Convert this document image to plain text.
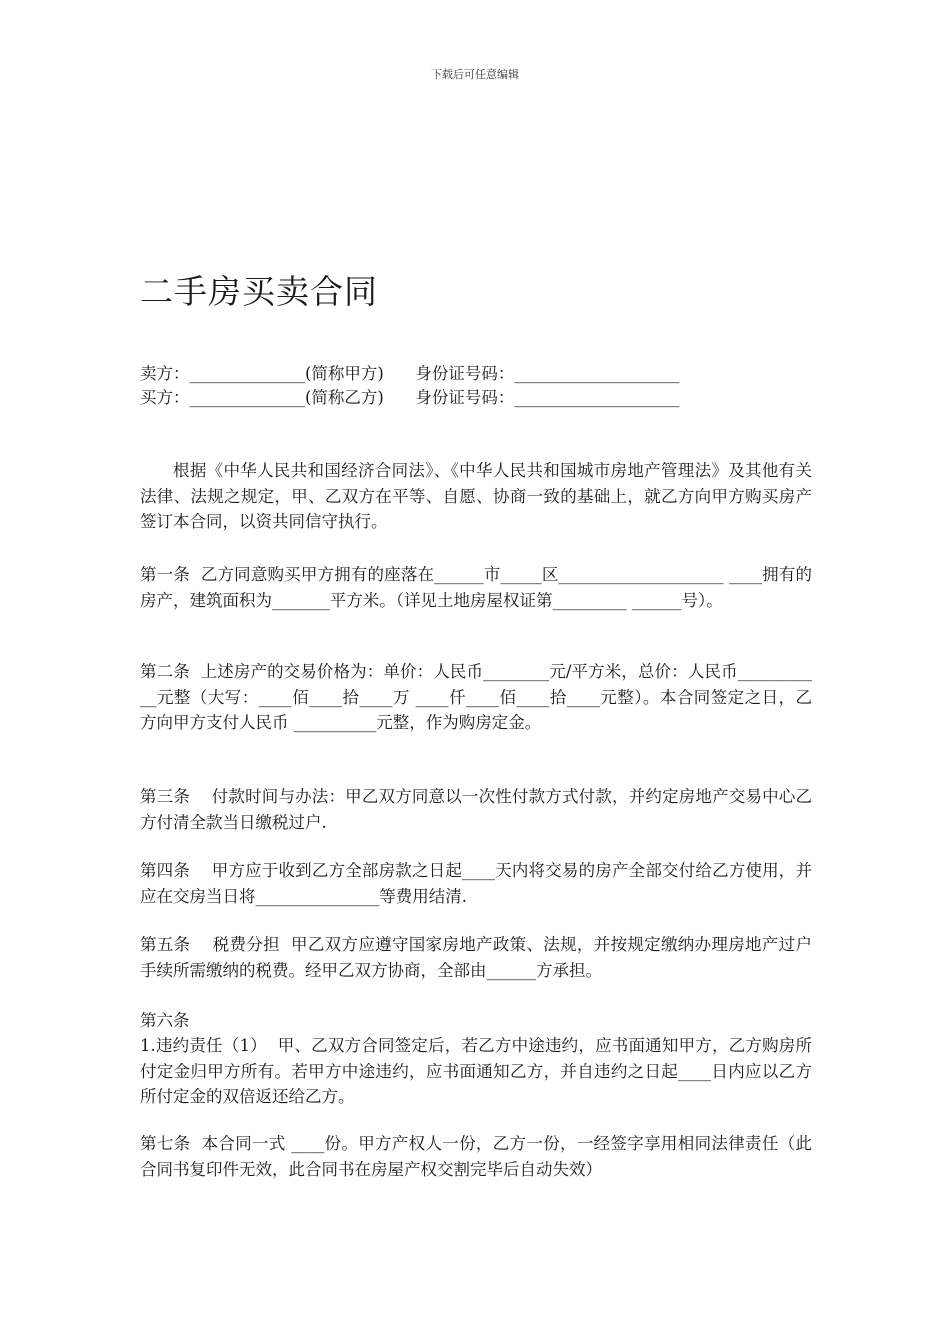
下载后可任意编辑
二手房买卖合同
卖方：______________(简称甲方)      身份证号码：____________________
买方：______________(简称乙方)      身份证号码：____________________

根据《中华人民共和国经济合同法》、《中华人民共和国城市房地产管理法》及其他有关法律、法规之规定，甲、乙双方在平等、自愿、协商一致的基础上，就乙方向甲方购买房产签订本合同，以资共同信守执行。

第一条  乙方同意购买甲方拥有的座落在______市_____区____________________ ____拥有的房产，建筑面积为_______平方米。（详见土地房屋权证第_________ ______号）。

第二条  上述房产的交易价格为：单价：人民币________元/平方米，总价：人民币___________元整（大写：____佰____拾____万 ____仟____佰____拾____元整）。本合同签定之日，乙方向甲方支付人民币 __________元整，作为购房定金。

第三条    付款时间与办法：甲乙双方同意以一次性付款方式付款，并约定房地产交易中心乙方付清全款当日缴税过户.

第四条    甲方应于收到乙方全部房款之日起____天内将交易的房产全部交付给乙方使用，并应在交房当日将_______________等费用结清.

第五条    税费分担  甲乙双方应遵守国家房地产政策、法规，并按规定缴纳办理房地产过户手续所需缴纳的税费。经甲乙双方协商，全部由______方承担。

第六条

1.违约责任（1）  甲、乙双方合同签定后，若乙方中途违约，应书面通知甲方，乙方购房所付定金归甲方所有。若甲方中途违约，应书面通知乙方，并自违约之日起____日内应以乙方所付定金的双倍返还给乙方。

第七条  本合同一式 ____份。甲方产权人一份，乙方一份，一经签字享用相同法律责任（此合同书复印件无效，此合同书在房屋产权交割完毕后自动失效）
